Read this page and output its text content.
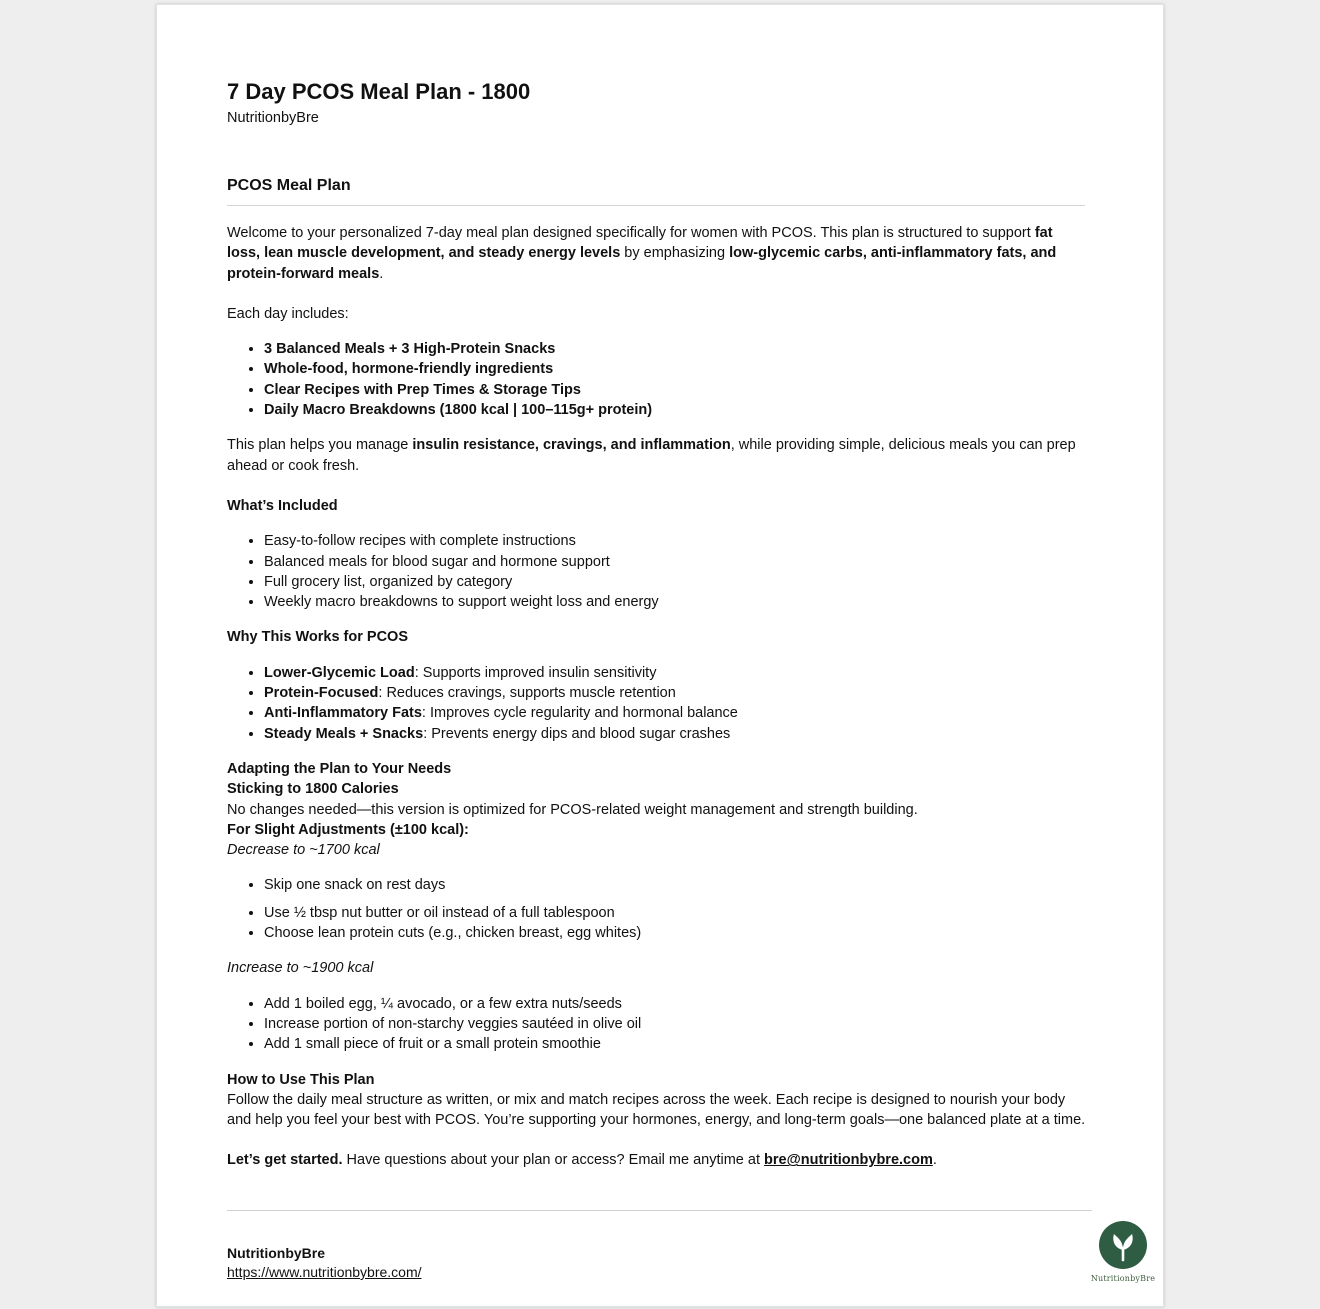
7 Day PCOS Meal Plan - 1800
NutritionbyBre
PCOS Meal Plan

Welcome to your personalized 7-day meal plan designed specifically for women with PCOS. This plan is structured to support fat loss, lean muscle development, and steady energy levels by emphasizing low-glycemic carbs, anti-inflammatory fats, and protein-forward meals.

Each day includes:

• 3 Balanced Meals + 3 High-Protein Snacks
• Whole-food, hormone-friendly ingredients
• Clear Recipes with Prep Times & Storage Tips
• Daily Macro Breakdowns (1800 kcal | 100–115g+ protein)

This plan helps you manage insulin resistance, cravings, and inflammation, while providing simple, delicious meals you can prep ahead or cook fresh.

What’s Included

• Easy-to-follow recipes with complete instructions
• Balanced meals for blood sugar and hormone support
• Full grocery list, organized by category
• Weekly macro breakdowns to support weight loss and energy

Why This Works for PCOS

• Lower-Glycemic Load: Supports improved insulin sensitivity
• Protein-Focused: Reduces cravings, supports muscle retention
• Anti-Inflammatory Fats: Improves cycle regularity and hormonal balance
• Steady Meals + Snacks: Prevents energy dips and blood sugar crashes

Adapting the Plan to Your Needs

Sticking to 1800 Calories

No changes needed—this version is optimized for PCOS-related weight management and strength building.

For Slight Adjustments (±100 kcal):

Decrease to ~1700 kcal

• Skip one snack on rest days
• Use ½ tbsp nut butter or oil instead of a full tablespoon
• Choose lean protein cuts (e.g., chicken breast, egg whites)

Increase to ~1900 kcal

• Add 1 boiled egg, ¼ avocado, or a few extra nuts/seeds
• Increase portion of non-starchy veggies sautéed in olive oil
• Add 1 small piece of fruit or a small protein smoothie

How to Use This Plan

Follow the daily meal structure as written, or mix and match recipes across the week. Each recipe is designed to nourish your body and help you feel your best with PCOS. You’re supporting your hormones, energy, and long-term goals—one balanced plate at a time.

Let’s get started. Have questions about your plan or access? Email me anytime at bre@nutritionbybre.com.

NutritionbyBre
https://www.nutritionbybre.com/	NutritionbyBre
